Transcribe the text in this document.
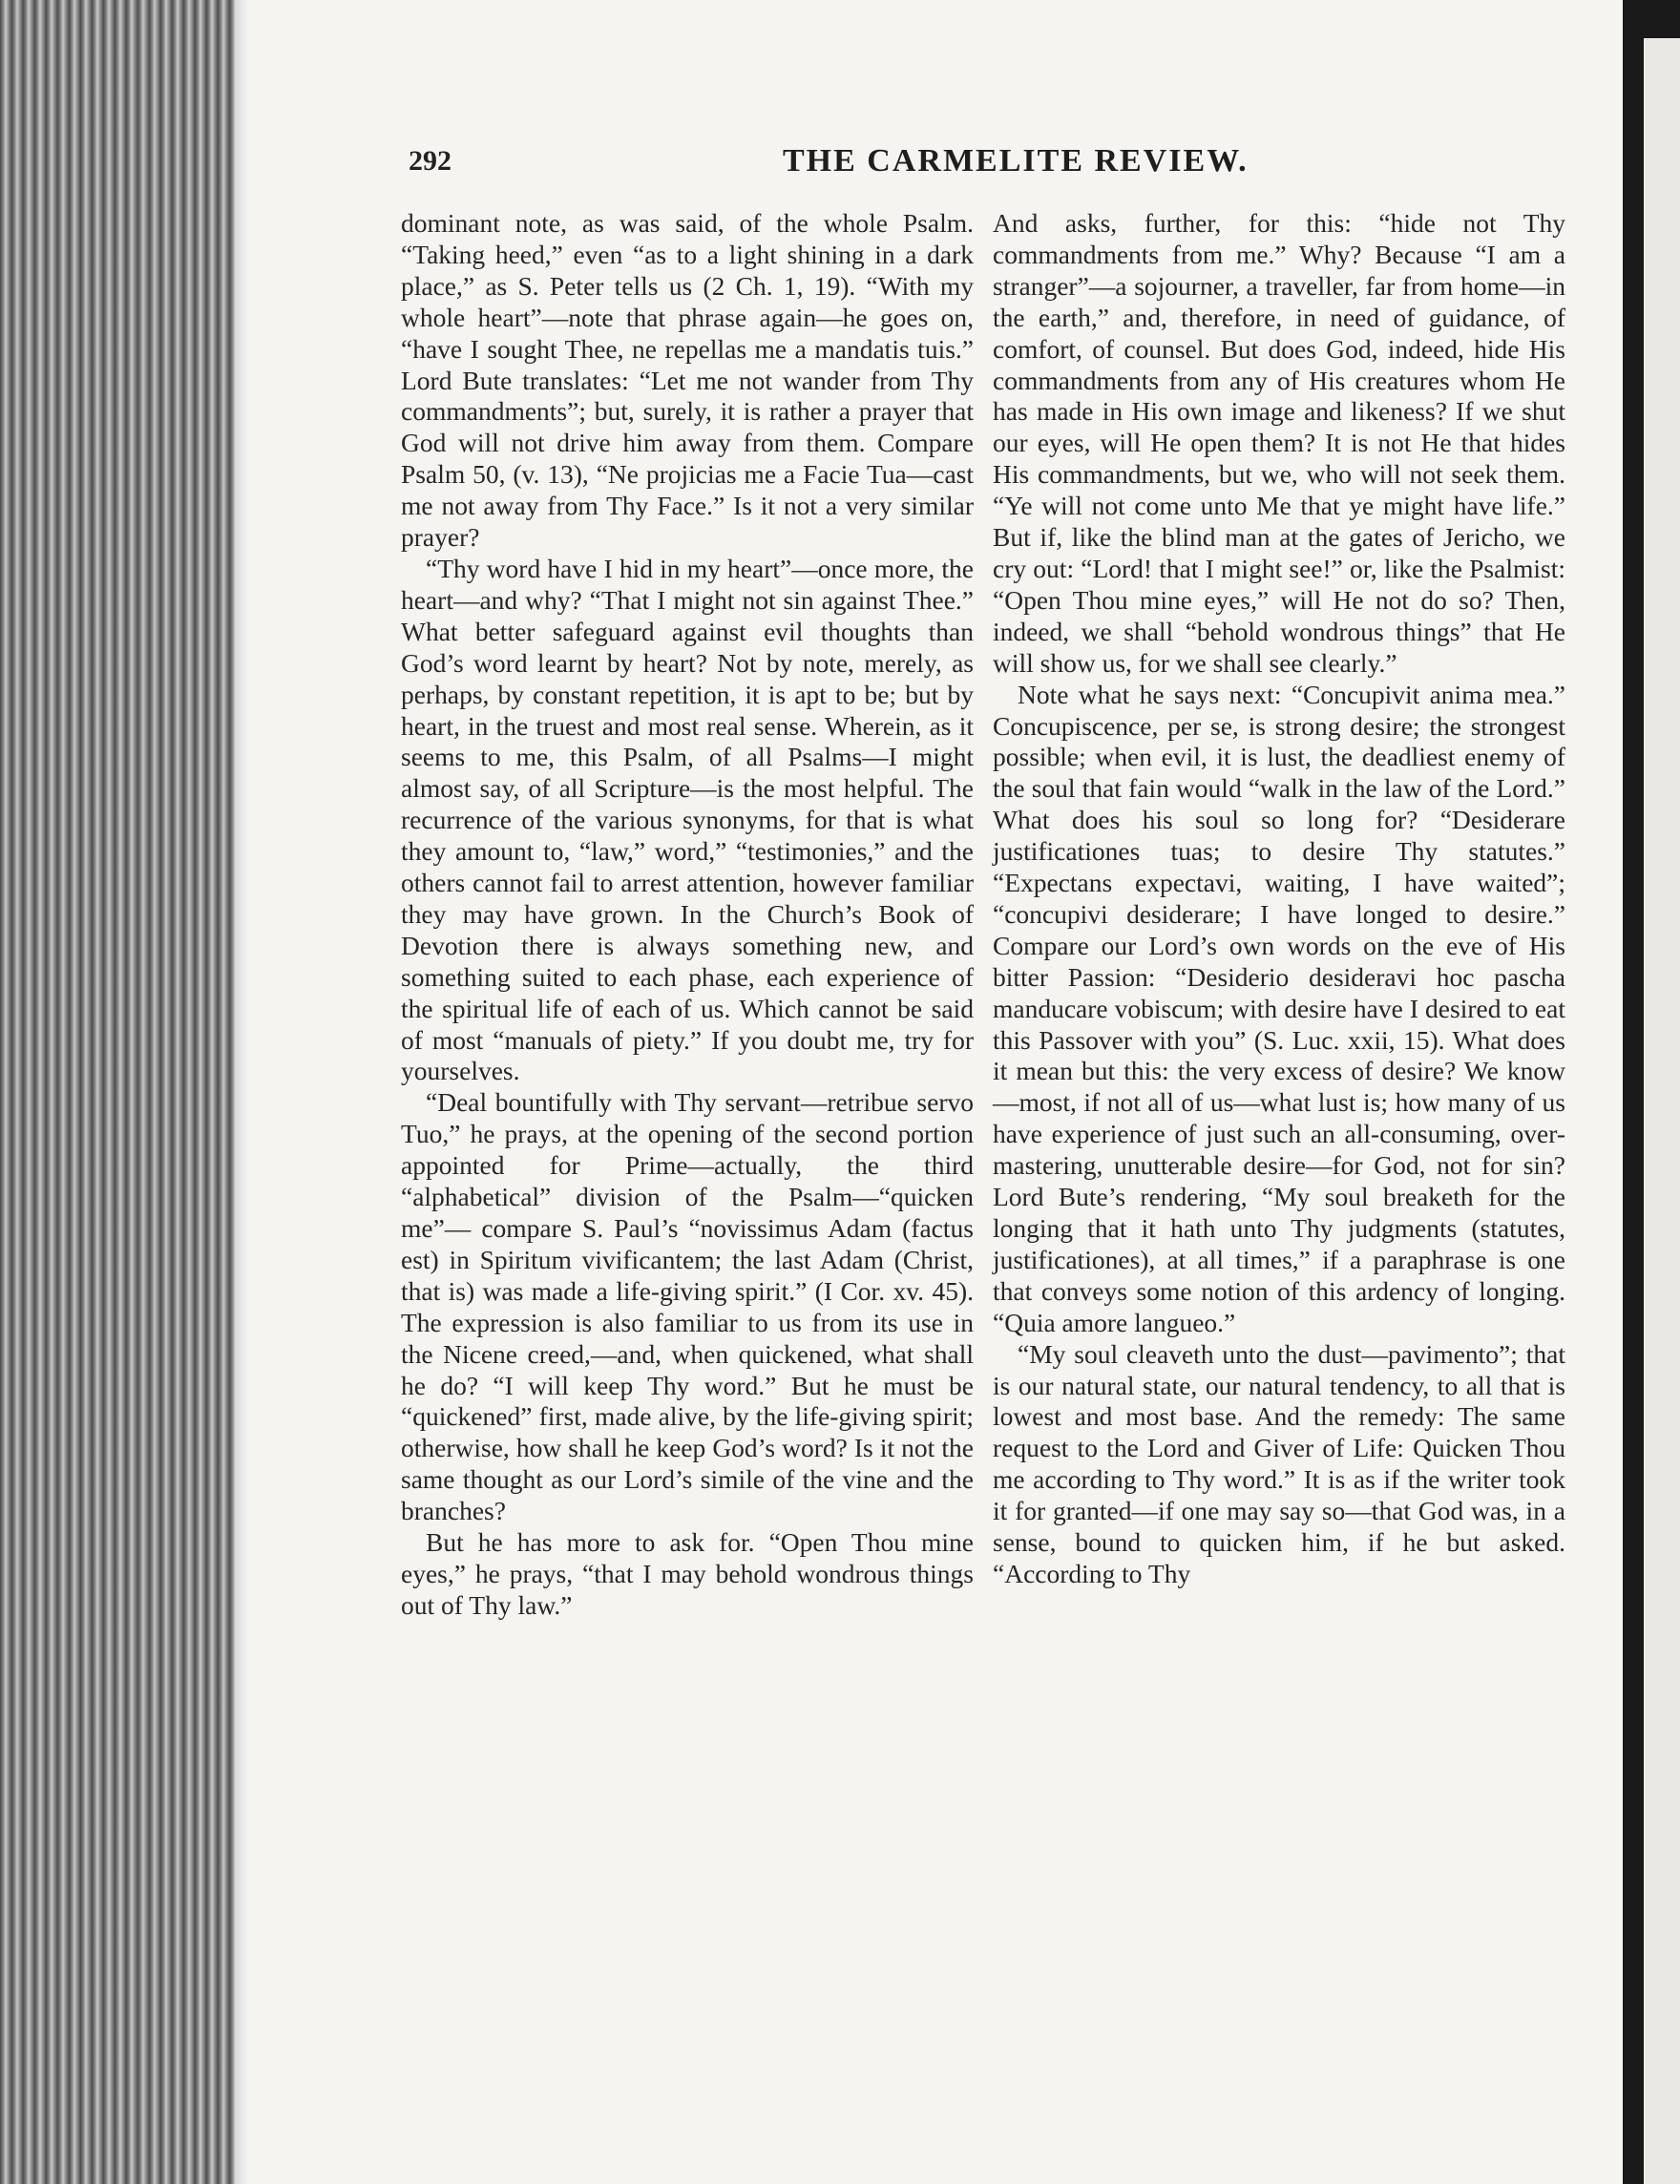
292	THE CARMELITE REVIEW.

dominant note, as was said, of the whole Psalm. “Taking heed,” even “as to a light shining in a dark place,” as S. Peter tells us (2 Ch. 1, 19). “With my whole heart”—note that phrase again—he goes on, “have I sought Thee, ne repellas me a mandatis tuis.” Lord Bute translates: “Let me not wander from Thy commandments”; but, surely, it is rather a prayer that God will not drive him away from them. Compare Psalm 50, (v. 13), “Ne projicias me a Facie Tua—cast me not away from Thy Face.” Is it not a very similar prayer?

“Thy word have I hid in my heart”—once more, the heart—and why? “That I might not sin against Thee.” What better safeguard against evil thoughts than God’s word learnt by heart? Not by note, merely, as perhaps, by constant repetition, it is apt to be; but by heart, in the truest and most real sense. Wherein, as it seems to me, this Psalm, of all Psalms—I might almost say, of all Scripture—is the most helpful. The recurrence of the various synonyms, for that is what they amount to, “law,” word,” “testimonies,” and the others cannot fail to arrest attention, however familiar they may have grown. In the Church’s Book of Devotion there is always something new, and something suited to each phase, each experience of the spiritual life of each of us. Which cannot be said of most “manuals of piety.” If you doubt me, try for yourselves.

“Deal bountifully with Thy servant—retribue servo Tuo,” he prays, at the opening of the second portion appointed for Prime—actually, the third “alphabetical” division of the Psalm—“quicken me”— compare S. Paul’s “novissimus Adam (factus est) in Spiritum vivificantem; the last Adam (Christ, that is) was made a life-giving spirit.” (I Cor. xv. 45). The expression is also familiar to us from its use in the Nicene creed,—and, when quickened, what shall he do? “I will keep Thy word.” But he must be “quickened” first, made alive, by the life-giving spirit; otherwise, how shall he keep God’s word? Is it not the same thought as our Lord’s simile of the vine and the branches?

But he has more to ask for. “Open Thou mine eyes,” he prays, “that I may behold wondrous things out of Thy law.”

And asks, further, for this: “hide not Thy commandments from me.” Why? Because “I am a stranger”—a sojourner, a traveller, far from home—in the earth,” and, therefore, in need of guidance, of comfort, of counsel. But does God, indeed, hide His commandments from any of His creatures whom He has made in His own image and likeness? If we shut our eyes, will He open them? It is not He that hides His commandments, but we, who will not seek them. “Ye will not come unto Me that ye might have life.” But if, like the blind man at the gates of Jericho, we cry out: “Lord! that I might see!” or, like the Psalmist: “Open Thou mine eyes,” will He not do so? Then, indeed, we shall “behold wondrous things” that He will show us, for we shall see clearly.”

Note what he says next: “Concupivit anima mea.” Concupiscence, per se, is strong desire; the strongest possible; when evil, it is lust, the deadliest enemy of the soul that fain would “walk in the law of the Lord.” What does his soul so long for? “Desiderare justificationes tuas; to desire Thy statutes.” “Expectans expectavi, waiting, I have waited”; “concupivi desiderare; I have longed to desire.” Compare our Lord’s own words on the eve of His bitter Passion: “Desiderio desideravi hoc pascha manducare vobiscum; with desire have I desired to eat this Passover with you” (S. Luc. xxii, 15). What does it mean but this: the very excess of desire? We know—most, if not all of us—what lust is; how many of us have experience of just such an all-consuming, over-mastering, unutterable desire—for God, not for sin? Lord Bute’s rendering, “My soul breaketh for the longing that it hath unto Thy judgments (statutes, justificationes), at all times,” if a paraphrase is one that conveys some notion of this ardency of longing. “Quia amore langueo.”

“My soul cleaveth unto the dust—pavimento”; that is our natural state, our natural tendency, to all that is lowest and most base. And the remedy: The same request to the Lord and Giver of Life: Quicken Thou me according to Thy word.” It is as if the writer took it for granted—if one may say so—that God was, in a sense, bound to quicken him, if he but asked. “According to Thy
